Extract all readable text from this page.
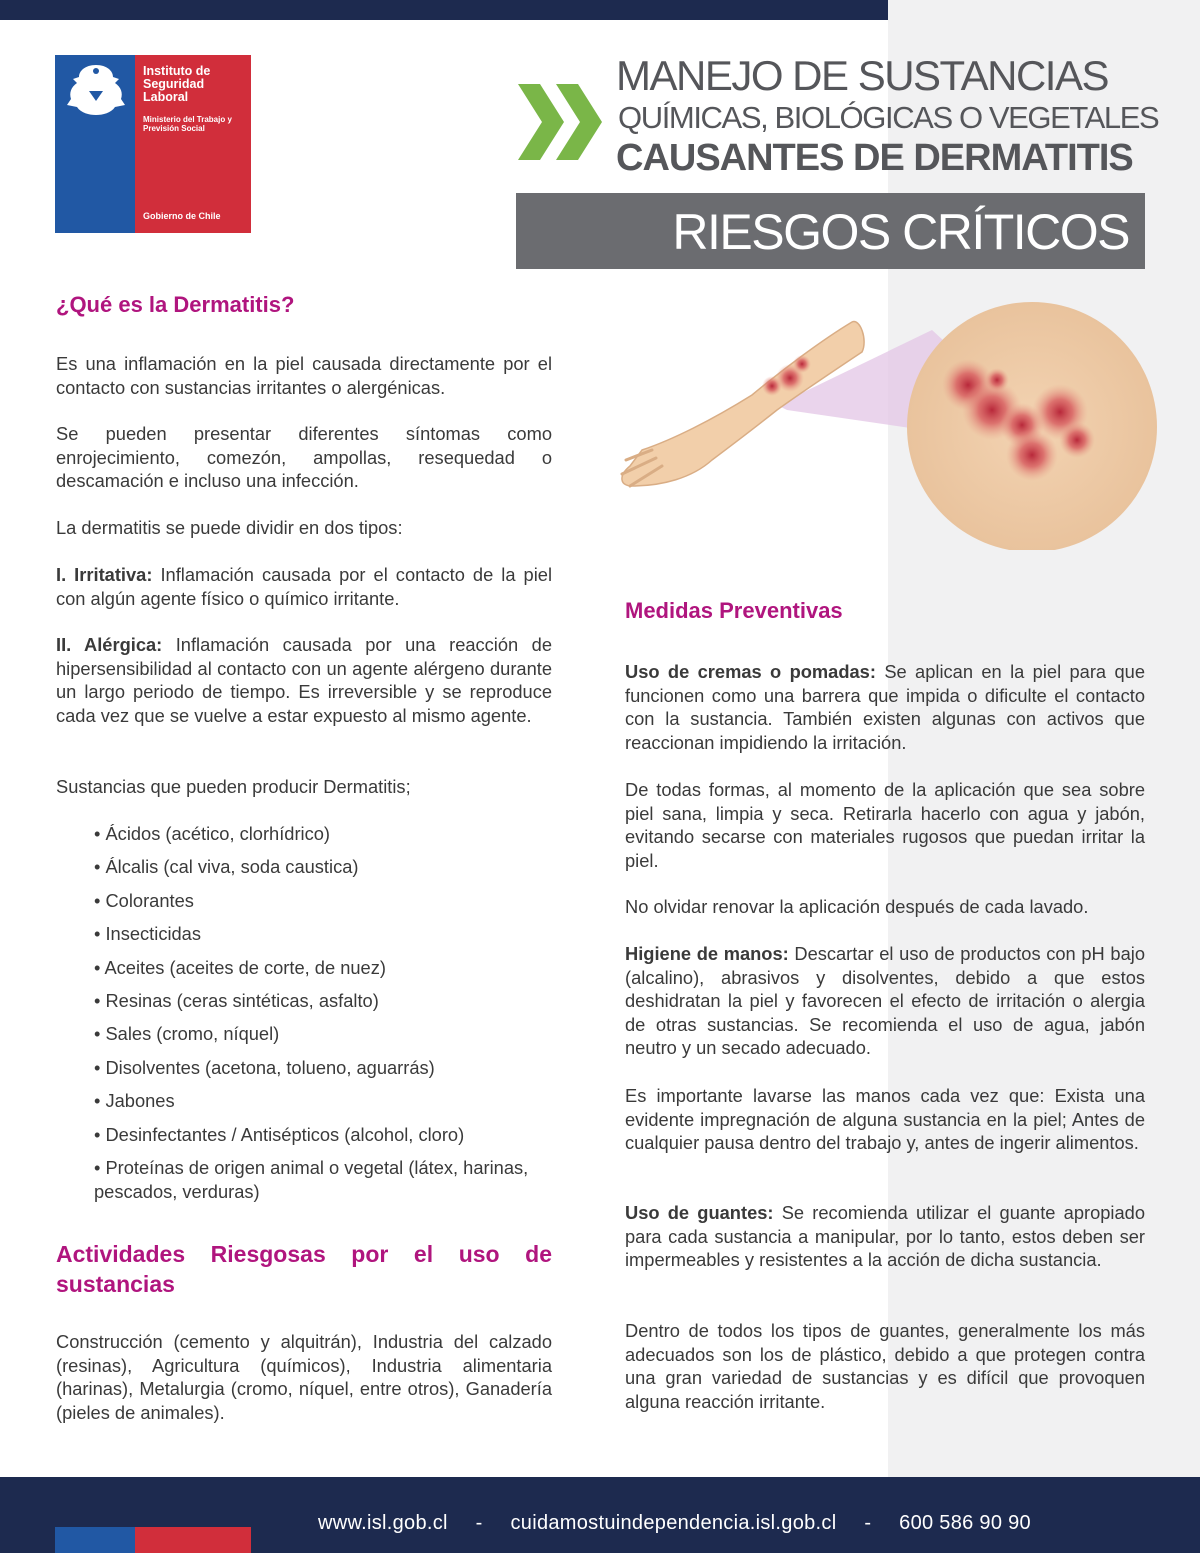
Instituto de Seguridad Laboral
Ministerio del Trabajo y Previsión Social
Gobierno de Chile
MANEJO DE SUSTANCIAS
QUÍMICAS, BIOLÓGICAS O VEGETALES
CAUSANTES DE DERMATITIS
RIESGOS CRÍTICOS
¿Qué es la Dermatitis?

Es una inflamación en la piel causada directamente por el contacto con sustancias irritantes o alergénicas.

Se pueden presentar diferentes síntomas como enrojecimiento, comezón, ampollas, resequedad o descamación e incluso una infección.

La dermatitis se puede dividir en dos tipos:

I. Irritativa: Inflamación causada por el contacto de la piel con algún agente físico o químico irritante.

II. Alérgica: Inflamación causada por una reacción de hipersensibilidad al contacto con un agente alérgeno durante un largo periodo de tiempo. Es irreversible y se reproduce cada vez que se vuelve a estar expuesto al mismo agente.

Sustancias que pueden producir Dermatitis;

• Ácidos (acético, clorhídrico)
• Álcalis (cal viva, soda caustica)
• Colorantes
• Insecticidas
• Aceites (aceites de corte, de nuez)
• Resinas (ceras sintéticas, asfalto)
• Sales (cromo, níquel)
• Disolventes (acetona, tolueno, aguarrás)
• Jabones
• Desinfectantes / Antisépticos (alcohol, cloro)
• Proteínas de origen animal o vegetal (látex, harinas, pescados, verduras)
Actividades Riesgosas por el uso de sustancias

Construcción (cemento y alquitrán), Industria del calzado (resinas), Agricultura (químicos), Industria alimentaria (harinas), Metalurgia (cromo, níquel, entre otros), Ganadería (pieles de animales).

Medidas Preventivas

Uso de cremas o pomadas: Se aplican en la piel para que funcionen como una barrera que impida o dificulte el contacto con la sustancia. También existen algunas con activos que reaccionan impidiendo la irritación.

De todas formas, al momento de la aplicación que sea sobre piel sana, limpia y seca. Retirarla hacerlo con agua y jabón, evitando secarse con materiales rugosos que puedan irritar la piel.

No olvidar renovar la aplicación después de cada lavado.

Higiene de manos: Descartar el uso de productos con pH bajo (alcalino), abrasivos y disolventes, debido a que estos deshidratan la piel y favorecen el efecto de irritación o alergia de otras sustancias. Se recomienda el uso de agua, jabón neutro y un secado adecuado.

Es importante lavarse las manos cada vez que: Exista una evidente impregnación de alguna sustancia en la piel; Antes de cualquier pausa dentro del trabajo y, antes de ingerir alimentos.

Uso de guantes: Se recomienda utilizar el guante apropiado para cada sustancia a manipular, por lo tanto, estos deben ser impermeables y resistentes a la acción de dicha sustancia.

Dentro de todos los tipos de guantes, generalmente los más adecuados son los de plástico, debido a que protegen contra una gran variedad de sustancias y es difícil que provoquen alguna reacción irritante.

www.isl.gob.cl - cuidamostuindependencia.isl.gob.cl - 600 586 90 90
